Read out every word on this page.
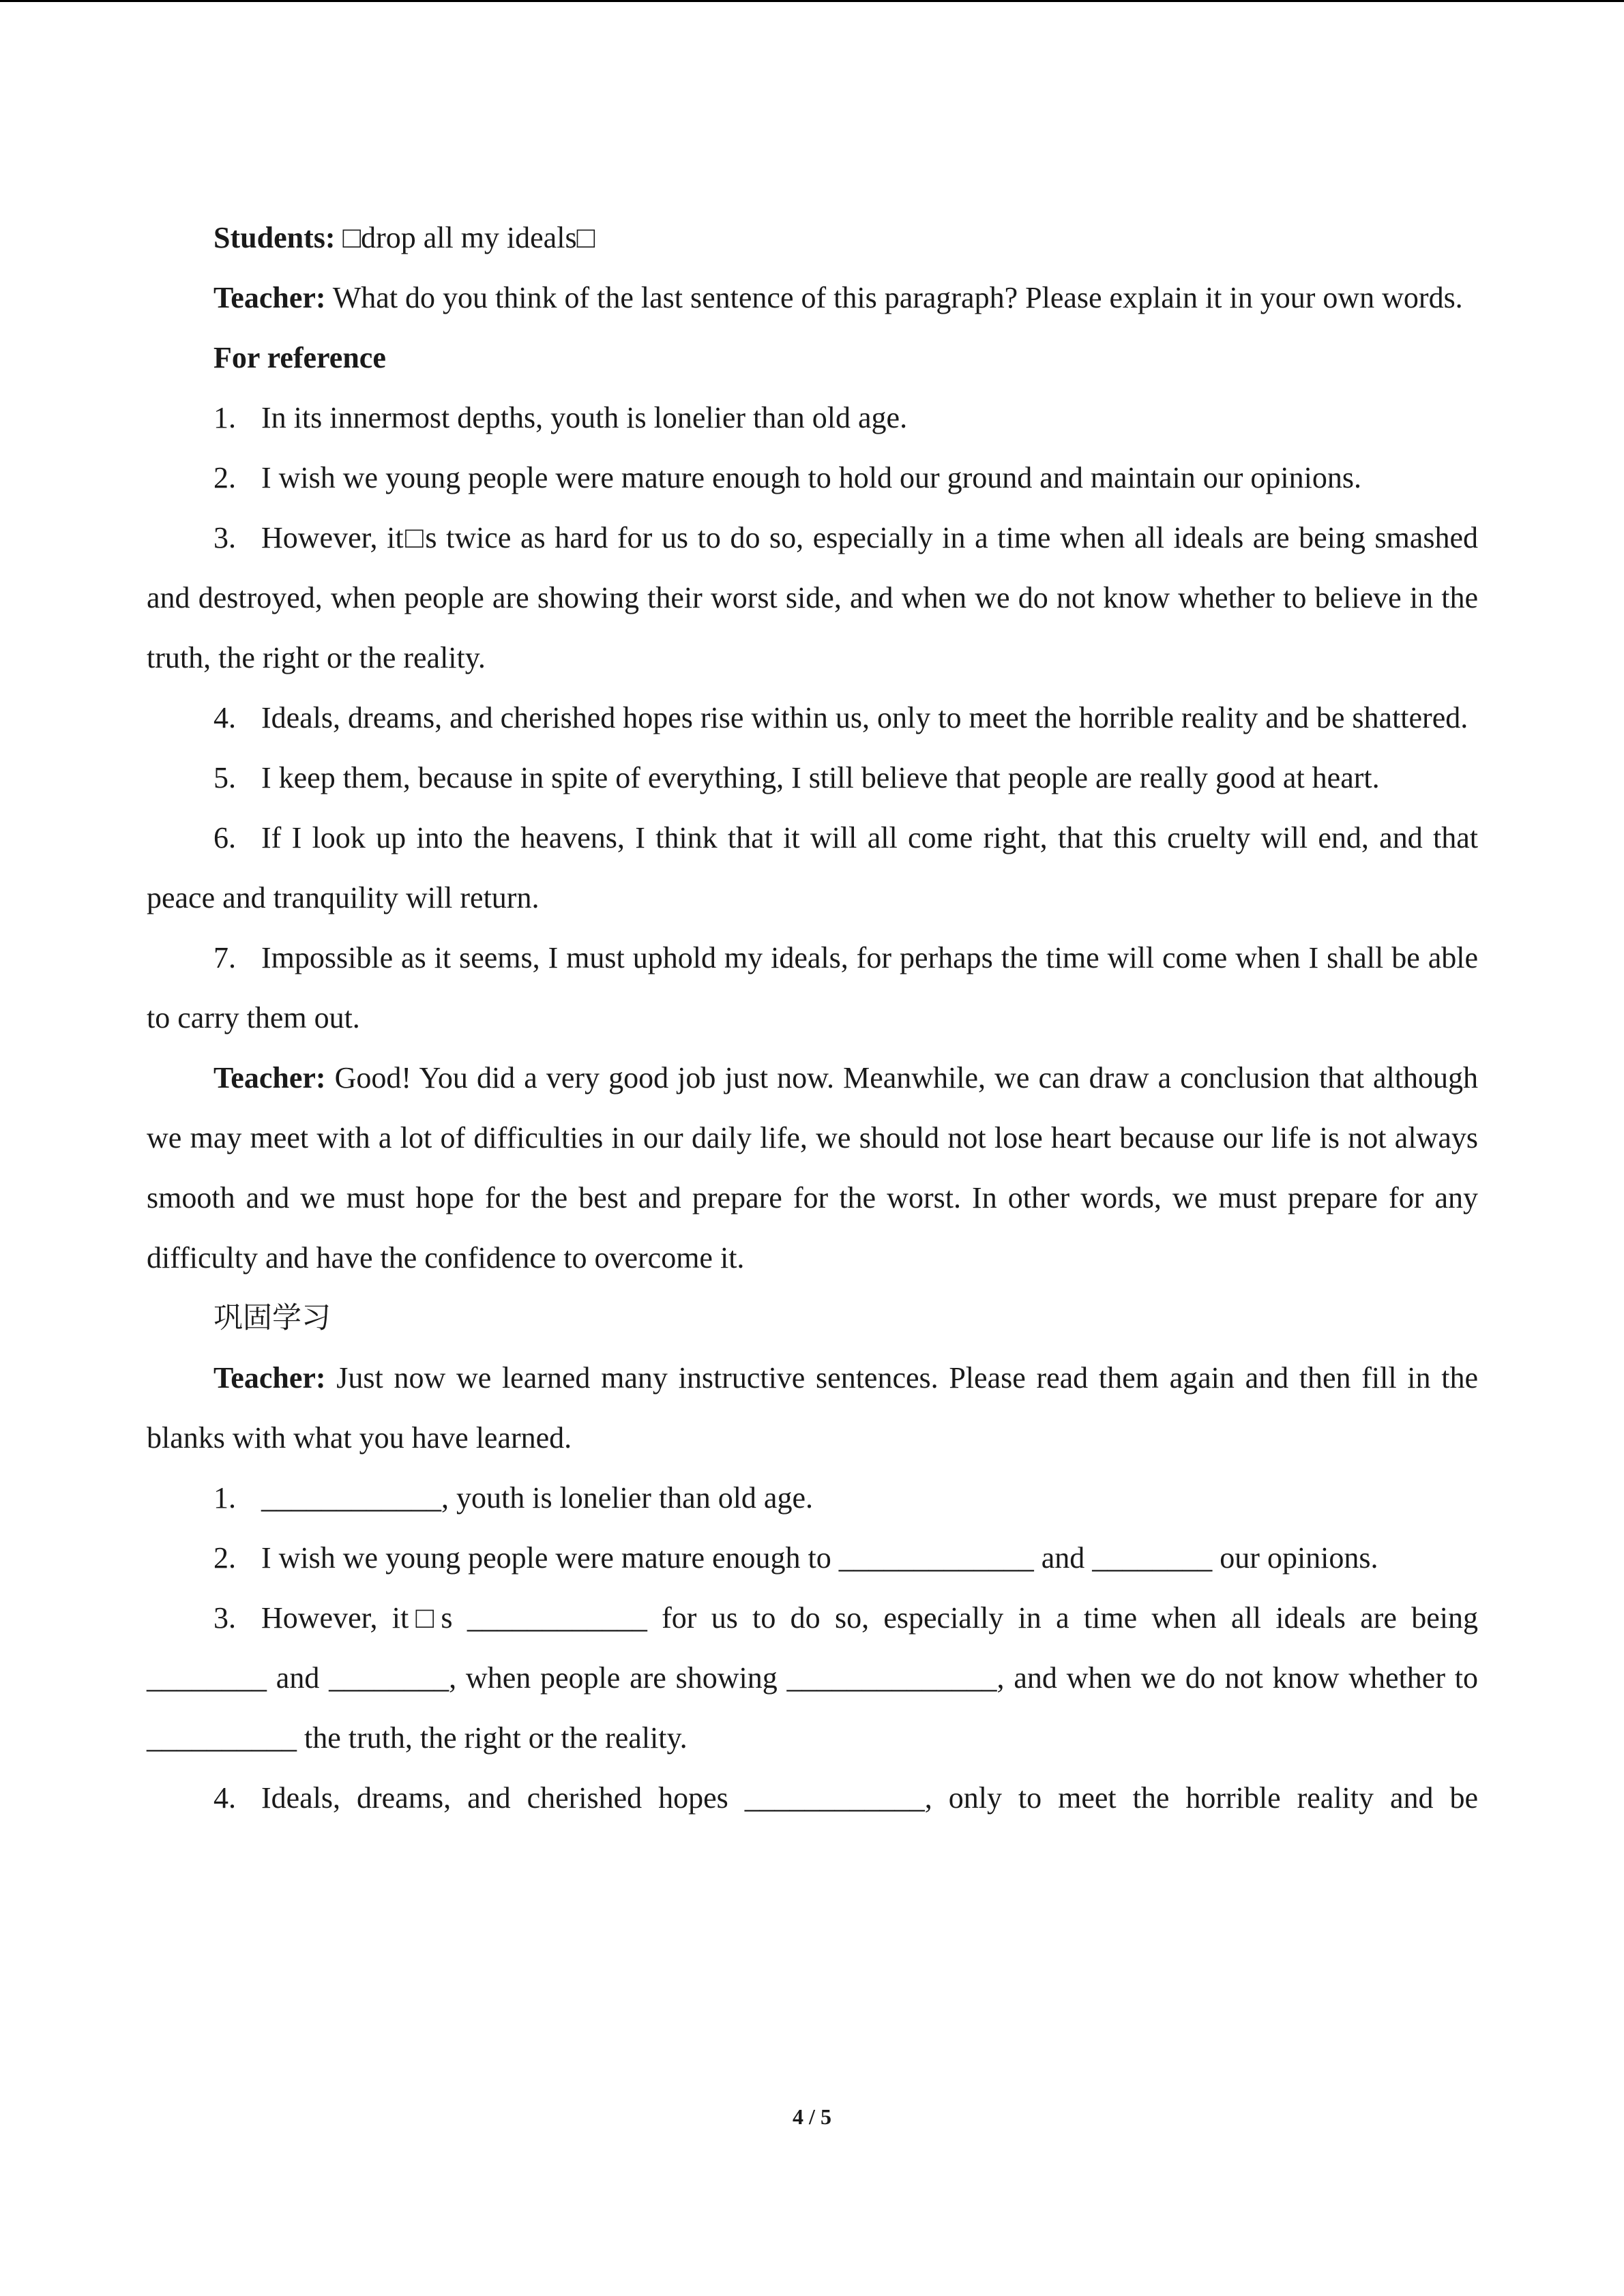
Students: □drop all my ideals□

Teacher: What do you think of the last sentence of this paragraph? Please explain it in your own words.

For reference

1. In its innermost depths, youth is lonelier than old age.

2. I wish we young people were mature enough to hold our ground and maintain our opinions.

3. However, it□s twice as hard for us to do so, especially in a time when all ideals are being smashed and destroyed, when people are showing their worst side, and when we do not know whether to believe in the truth, the right or the reality.

4. Ideals, dreams, and cherished hopes rise within us, only to meet the horrible reality and be shattered.

5. I keep them, because in spite of everything, I still believe that people are really good at heart.

6. If I look up into the heavens, I think that it will all come right, that this cruelty will end, and that peace and tranquility will return.

7. Impossible as it seems, I must uphold my ideals, for perhaps the time will come when I shall be able to carry them out.

Teacher: Good! You did a very good job just now. Meanwhile, we can draw a conclusion that although we may meet with a lot of difficulties in our daily life, we should not lose heart because our life is not always smooth and we must hope for the best and prepare for the worst. In other words, we must prepare for any difficulty and have the confidence to overcome it.

巩固学习

Teacher: Just now we learned many instructive sentences. Please read them again and then fill in the blanks with what you have learned.

1. ____________, youth is lonelier than old age.

2. I wish we young people were mature enough to _____________ and ________ our opinions.

3. However, it□s ____________ for us to do so, especially in a time when all ideals are being ________ and ________, when people are showing ______________, and when we do not know whether to __________ the truth, the right or the reality.

4. Ideals, dreams, and cherished hopes ____________, only to meet the horrible reality and be

4 / 5
